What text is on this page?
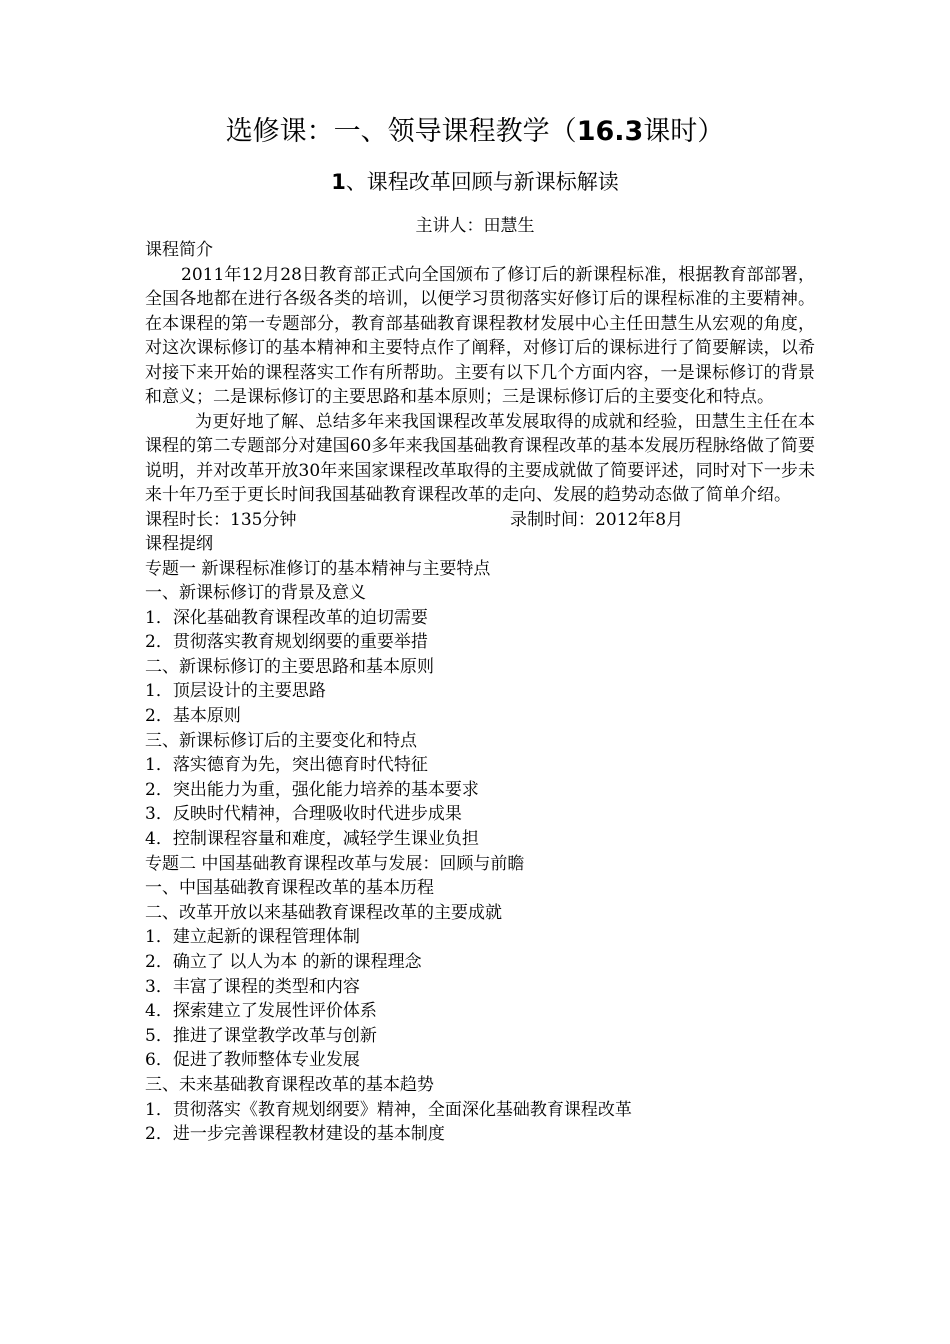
选修课：一、领导课程教学（16.3课时）
1、课程改革回顾与新课标解读
主讲人：田慧生
课程简介

2011年12月28日教育部正式向全国颁布了修订后的新课程标准，根据教育部部署，全国各地都在进行各级各类的培训，以便学习贯彻落实好修订后的课程标准的主要精神。在本课程的第一专题部分，教育部基础教育课程教材发展中心主任田慧生从宏观的角度，对这次课标修订的基本精神和主要特点作了阐释，对修订后的课标进行了简要解读，以希对接下来开始的课程落实工作有所帮助。主要有以下几个方面内容，一是课标修订的背景和意义；二是课标修订的主要思路和基本原则；三是课标修订后的主要变化和特点。

为更好地了解、总结多年来我国课程改革发展取得的成就和经验，田慧生主任在本课程的第二专题部分对建国60多年来我国基础教育课程改革的基本发展历程脉络做了简要说明，并对改革开放30年来国家课程改革取得的主要成就做了简要评述，同时对下一步未来十年乃至于更长时间我国基础教育课程改革的走向、发展的趋势动态做了简单介绍。

课程时长：135分钟	录制时间：2012年8月
课程提纲
专题一 新课程标准修订的基本精神与主要特点
一、新课标修订的背景及意义
1．深化基础教育课程改革的迫切需要
2．贯彻落实教育规划纲要的重要举措
二、新课标修订的主要思路和基本原则
1．顶层设计的主要思路
2．基本原则
三、新课标修订后的主要变化和特点
1．落实德育为先，突出德育时代特征
2．突出能力为重，强化能力培养的基本要求
3．反映时代精神，合理吸收时代进步成果
4．控制课程容量和难度，减轻学生课业负担
专题二 中国基础教育课程改革与发展：回顾与前瞻
一、中国基础教育课程改革的基本历程
二、改革开放以来基础教育课程改革的主要成就
1．建立起新的课程管理体制
2．确立了 以人为本 的新的课程理念
3．丰富了课程的类型和内容
4．探索建立了发展性评价体系
5．推进了课堂教学改革与创新
6．促进了教师整体专业发展
三、未来基础教育课程改革的基本趋势
1．贯彻落实《教育规划纲要》精神，全面深化基础教育课程改革
2．进一步完善课程教材建设的基本制度
